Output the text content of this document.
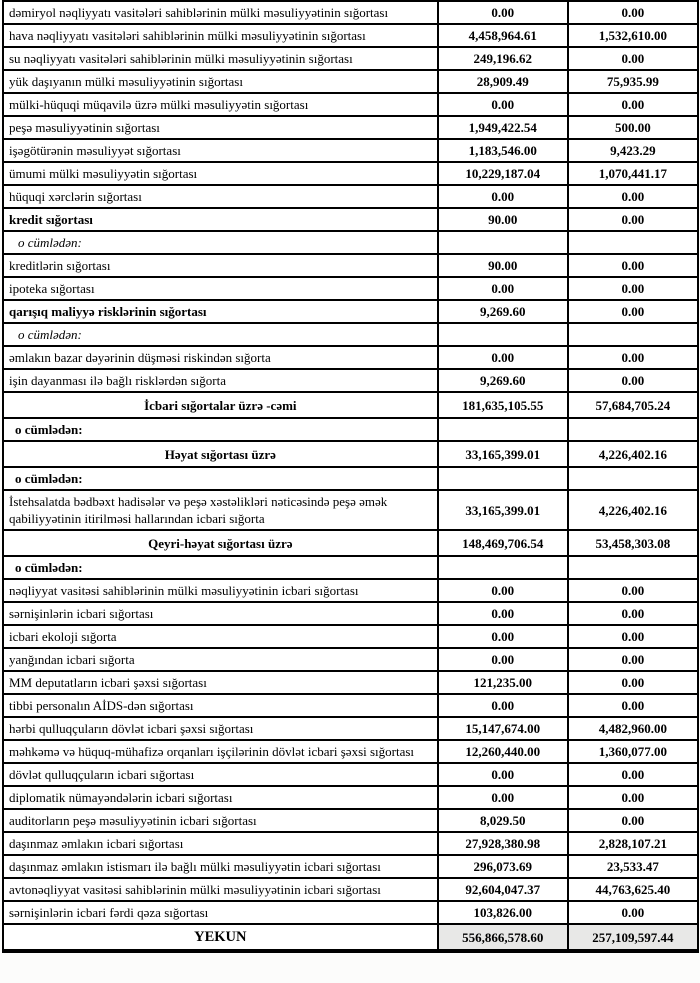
dəmiryol nəqliyyatı vasitələri sahiblərinin mülki məsuliyyətinin sığortası	0.00	0.00
hava nəqliyyatı vasitələri sahiblərinin mülki məsuliyyətinin sığortası	4,458,964.61	1,532,610.00
su nəqliyyatı vasitələri sahiblərinin mülki məsuliyyətinin sığortası	249,196.62	0.00
yük daşıyanın mülki məsuliyyətinin sığortası	28,909.49	75,935.99
mülki-hüquqi müqavilə üzrə mülki məsuliyyətin sığortası	0.00	0.00
peşə məsuliyyətinin sığortası	1,949,422.54	500.00
işəgötürənin məsuliyyət sığortası	1,183,546.00	9,423.29
ümumi mülki məsuliyyətin sığortası	10,229,187.04	1,070,441.17
hüquqi xərclərin sığortası	0.00	0.00
kredit sığortası	90.00	0.00
o cümlədən:		
kreditlərin sığortası	90.00	0.00
ipoteka sığortası	0.00	0.00
qarışıq maliyyə risklərinin sığortası	9,269.60	0.00
o cümlədən:		
əmlakın bazar dəyərinin düşməsi riskindən sığorta	0.00	0.00
işin dayanması ilə bağlı risklərdən sığorta	9,269.60	0.00
İcbari sığortalar üzrə -cəmi	181,635,105.55	57,684,705.24
o cümlədən:		
Həyat sığortası üzrə	33,165,399.01	4,226,402.16
o cümlədən:		
İstehsalatda bədbəxt hadisələr və peşə xəstəlikləri nəticəsində peşə əmək qabiliyyətinin itirilməsi hallarından icbari sığorta	33,165,399.01	4,226,402.16
Qeyri-həyat sığortası üzrə	148,469,706.54	53,458,303.08
o cümlədən:		
nəqliyyat vasitəsi sahiblərinin mülki məsuliyyətinin icbari sığortası	0.00	0.00
sərnişinlərin icbari sığortası	0.00	0.00
icbari ekoloji sığorta	0.00	0.00
yanğından icbari sığorta	0.00	0.00
MM deputatların icbari şəxsi sığortası	121,235.00	0.00
tibbi personalın AİDS-dən sığortası	0.00	0.00
hərbi qulluqçuların dövlət icbari şəxsi sığortası	15,147,674.00	4,482,960.00
məhkəmə və hüquq-mühafizə orqanları işçilərinin dövlət icbari şəxsi sığortası	12,260,440.00	1,360,077.00
dövlət qulluqçuların icbari sığortası	0.00	0.00
diplomatik nümayəndələrin icbari sığortası	0.00	0.00
auditorların peşə məsuliyyətinin icbari sığortası	8,029.50	0.00
daşınmaz əmlakın icbari sığortası	27,928,380.98	2,828,107.21
daşınmaz əmlakın istismarı ilə bağlı mülki məsuliyyətin icbari sığortası	296,073.69	23,533.47
avtonəqliyyat vasitəsi sahiblərinin mülki məsuliyyətinin icbari sığortası	92,604,047.37	44,763,625.40
sərnişinlərin icbari fərdi qəza sığortası	103,826.00	0.00
YEKUN	556,866,578.60	257,109,597.44
